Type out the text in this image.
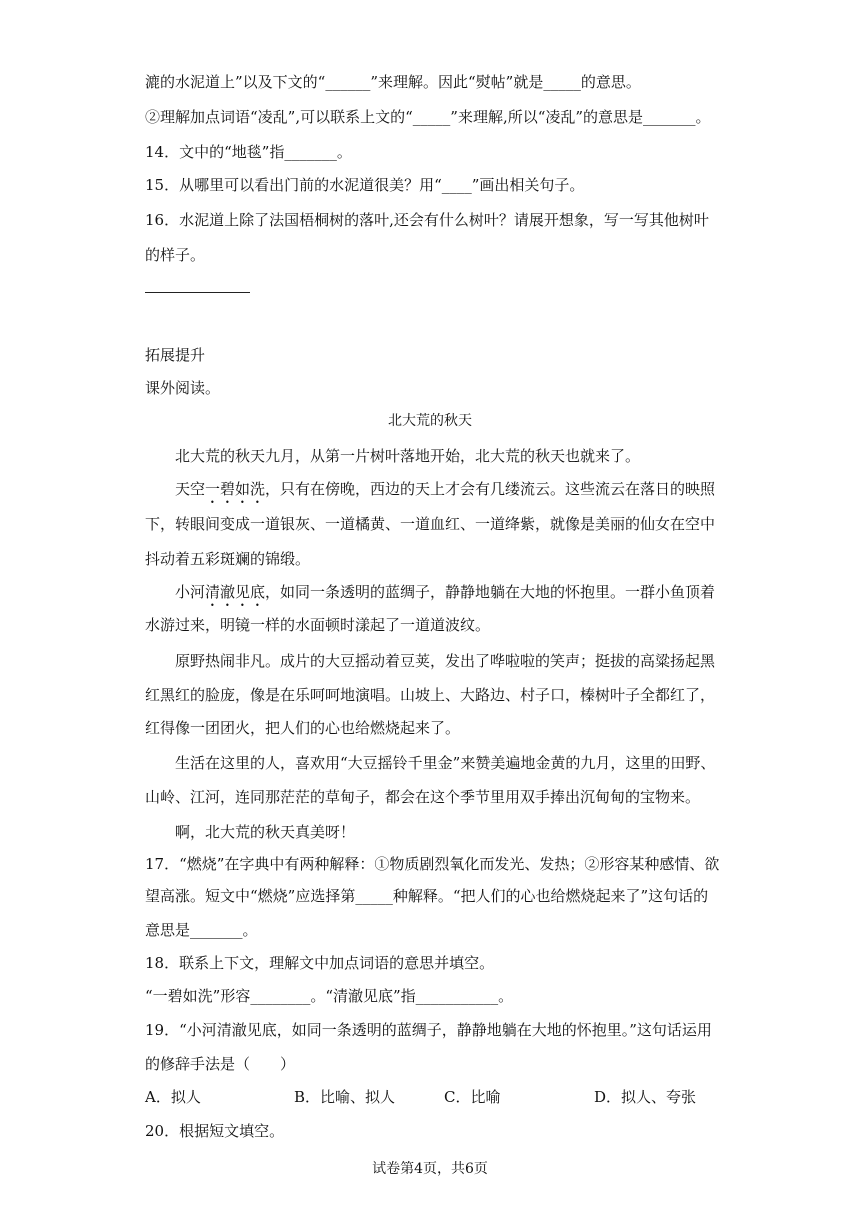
漉的水泥道上”以及下文的“______”来理解。因此“熨帖”就是_____的意思。
②理解加点词语“凌乱”,可以联系上文的“_____”来理解,所以“凌乱”的意思是_______。
14．文中的“地毯”指_______。
15．从哪里可以看出门前的水泥道很美？用“____”画出相关句子。
16．水泥道上除了法国梧桐树的落叶,还会有什么树叶？请展开想象，写一写其他树叶
的样子。
拓展提升
课外阅读。
北大荒的秋天
北大荒的秋天九月，从第一片树叶落地开始，北大荒的秋天也就来了。
天空一碧如洗，只有在傍晚，西边的天上才会有几缕流云。这些流云在落日的映照
下，转眼间变成一道银灰、一道橘黄、一道血红、一道绛紫，就像是美丽的仙女在空中
抖动着五彩斑斓的锦缎。
小河清澈见底，如同一条透明的蓝绸子，静静地躺在大地的怀抱里。一群小鱼顶着
水游过来，明镜一样的水面顿时漾起了一道道波纹。
原野热闹非凡。成片的大豆摇动着豆荚，发出了哗啦啦的笑声；挺拔的高粱扬起黑
红黑红的脸庞，像是在乐呵呵地演唱。山坡上、大路边、村子口，榛树叶子全都红了，
红得像一团团火，把人们的心也给燃烧起来了。
生活在这里的人，喜欢用“大豆摇铃千里金”来赞美遍地金黄的九月，这里的田野、
山岭、江河，连同那茫茫的草甸子，都会在这个季节里用双手捧出沉甸甸的宝物来。
啊，北大荒的秋天真美呀！
17．“燃烧”在字典中有两种解释：①物质剧烈氧化而发光、发热；②形容某种感情、欲
望高涨。短文中“燃烧”应选择第_____种解释。“把人们的心也给燃烧起来了”这句话的
意思是_______。
18．联系上下文，理解文中加点词语的意思并填空。
“一碧如洗”形容________。“清澈见底”指___________。
19．“小河清澈见底，如同一条透明的蓝绸子，静静地躺在大地的怀抱里。”这句话运用
的修辞手法是（　　）
A．拟人	B．比喻、拟人	C．比喻	D．拟人、夸张
20．根据短文填空。
试卷第4页，共6页
